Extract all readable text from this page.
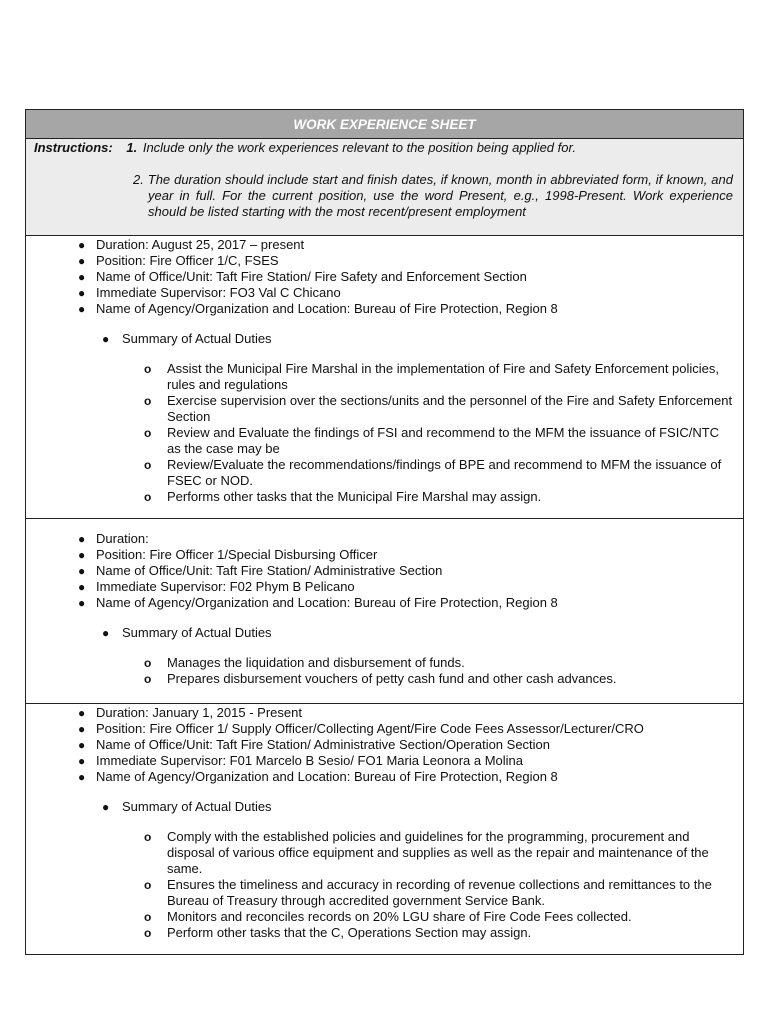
WORK EXPERIENCE SHEET
Instructions: 1. Include only the work experiences relevant to the position being applied for.
2. The duration should include start and finish dates, if known, month in abbreviated form, if known, and year in full. For the current position, use the word Present, e.g., 1998-Present. Work experience should be listed starting with the most recent/present employment
● Duration: August 25, 2017 – present
● Position: Fire Officer 1/C, FSES
● Name of Office/Unit: Taft Fire Station/ Fire Safety and Enforcement Section
● Immediate Supervisor: FO3 Val C Chicano
● Name of Agency/Organization and Location: Bureau of Fire Protection, Region 8
● Summary of Actual Duties
o Assist the Municipal Fire Marshal in the implementation of Fire and Safety Enforcement policies, rules and regulations
o Exercise supervision over the sections/units and the personnel of the Fire and Safety Enforcement Section
o Review and Evaluate the findings of FSI and recommend to the MFM the issuance of FSIC/NTC as the case may be
o Review/Evaluate the recommendations/findings of BPE and recommend to MFM the issuance of FSEC or NOD.
o Performs other tasks that the Municipal Fire Marshal may assign.
● Duration:
● Position: Fire Officer 1/Special Disbursing Officer
● Name of Office/Unit: Taft Fire Station/ Administrative Section
● Immediate Supervisor: F02 Phym B Pelicano
● Name of Agency/Organization and Location: Bureau of Fire Protection, Region 8
● Summary of Actual Duties
o Manages the liquidation and disbursement of funds.
o Prepares disbursement vouchers of petty cash fund and other cash advances.
● Duration: January 1, 2015 - Present
● Position: Fire Officer 1/ Supply Officer/Collecting Agent/Fire Code Fees Assessor/Lecturer/CRO
● Name of Office/Unit: Taft Fire Station/ Administrative Section/Operation Section
● Immediate Supervisor: F01 Marcelo B Sesio/ FO1 Maria Leonora a Molina
● Name of Agency/Organization and Location: Bureau of Fire Protection, Region 8
● Summary of Actual Duties
o Comply with the established policies and guidelines for the programming, procurement and disposal of various office equipment and supplies as well as the repair and maintenance of the same.
o Ensures the timeliness and accuracy in recording of revenue collections and remittances to the Bureau of Treasury through accredited government Service Bank.
o Monitors and reconciles records on 20% LGU share of Fire Code Fees collected.
o Perform other tasks that the C, Operations Section may assign.
